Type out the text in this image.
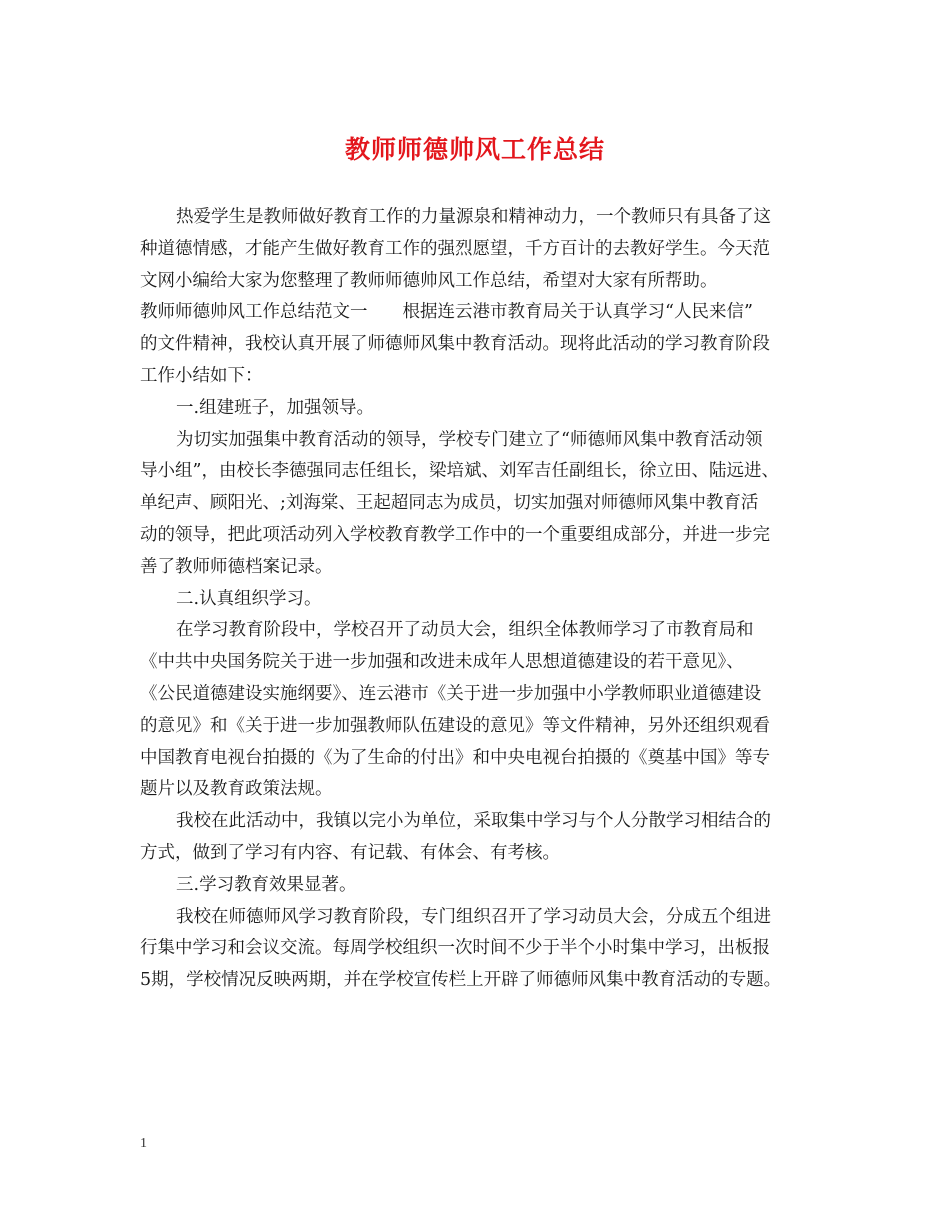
教师师德帅风工作总结
热爱学生是教师做好教育工作的力量源泉和精神动力，一个教师只有具备了这
种道德情感，才能产生做好教育工作的强烈愿望，千方百计的去教好学生。今天范
文网小编给大家为您整理了教师师德帅风工作总结，希望对大家有所帮助。
教师师德帅风工作总结范文一　　根据连云港市教育局关于认真学习“人民来信”
的文件精神，我校认真开展了师德师风集中教育活动。现将此活动的学习教育阶段
工作小结如下：
一.组建班子，加强领导。
为切实加强集中教育活动的领导，学校专门建立了“师德师风集中教育活动领
导小组”，由校长李德强同志任组长，梁培斌、刘军吉任副组长，徐立田、陆远进、
单纪声、顾阳光、;刘海棠、王起超同志为成员，切实加强对师德师风集中教育活
动的领导，把此项活动列入学校教育教学工作中的一个重要组成部分，并进一步完
善了教师师德档案记录。
二.认真组织学习。
在学习教育阶段中，学校召开了动员大会，组织全体教师学习了市教育局和
《中共中央国务院关于进一步加强和改进未成年人思想道德建设的若干意见》、
《公民道德建设实施纲要》、连云港市《关于进一步加强中小学教师职业道德建设
的意见》和《关于进一步加强教师队伍建设的意见》等文件精神，另外还组织观看
中国教育电视台拍摄的《为了生命的付出》和中央电视台拍摄的《奠基中国》等专
题片以及教育政策法规。
我校在此活动中，我镇以完小为单位，采取集中学习与个人分散学习相结合的
方式，做到了学习有内容、有记载、有体会、有考核。
三.学习教育效果显著。
我校在师德师风学习教育阶段，专门组织召开了学习动员大会，分成五个组进
行集中学习和会议交流。每周学校组织一次时间不少于半个小时集中学习，出板报
5期，学校情况反映两期，并在学校宣传栏上开辟了师德师风集中教育活动的专题。
1
